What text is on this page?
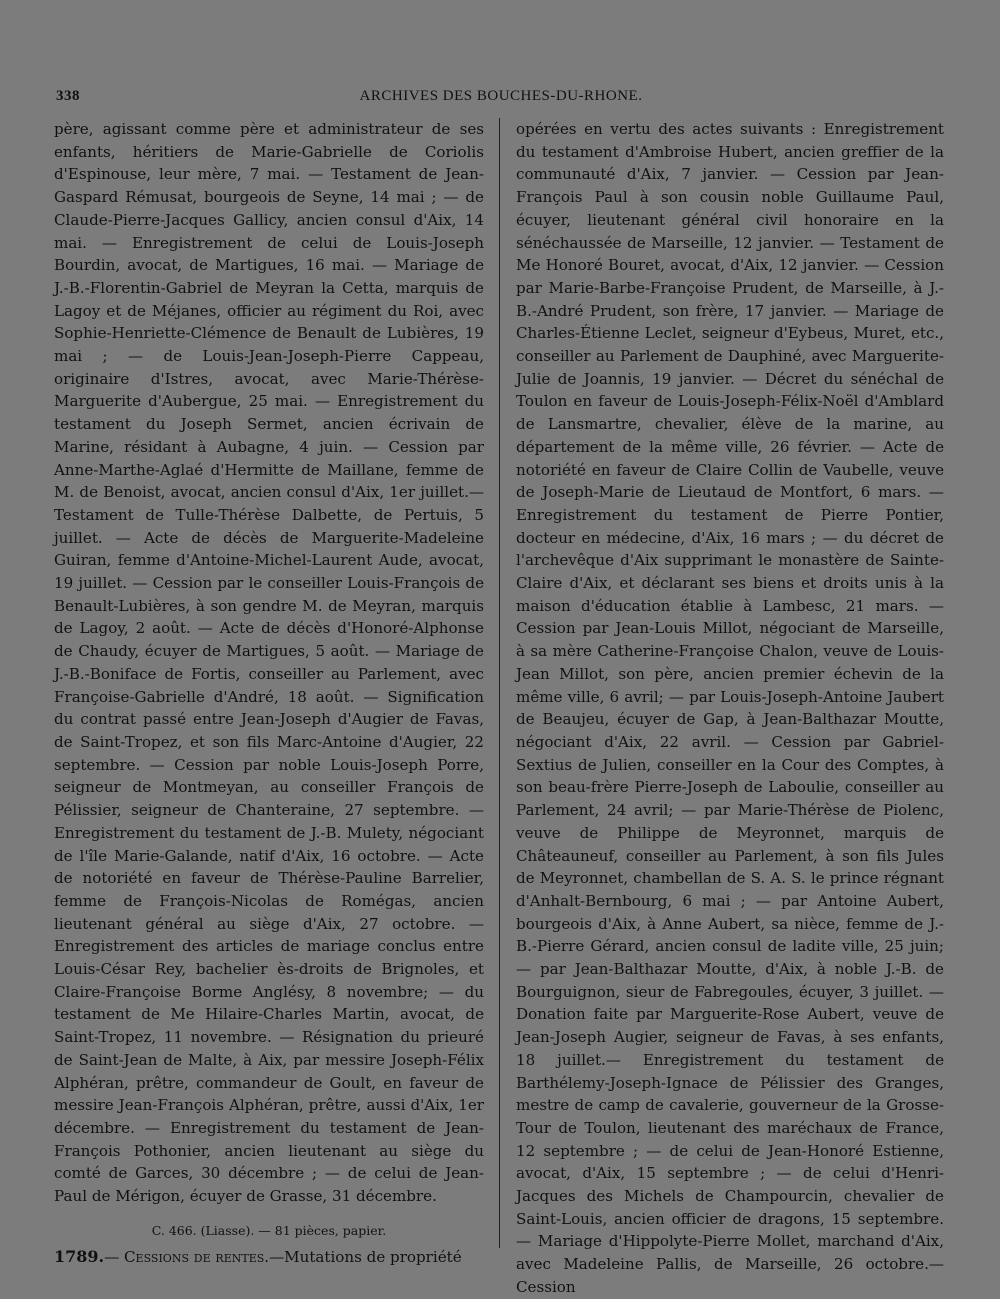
338	ARCHIVES DES BOUCHES-DU-RHONE.

père, agissant comme père et administrateur de ses enfants, héritiers de Marie-Gabrielle de Coriolis d'Espinouse, leur mère, 7 mai. — Testament de Jean-Gaspard Rémusat, bourgeois de Seyne, 14 mai ; — de Claude-Pierre-Jacques Gallicy, ancien consul d'Aix, 14 mai. — Enregistrement de celui de Louis-Joseph Bourdin, avocat, de Martigues, 16 mai. — Mariage de J.-B.-Florentin-Gabriel de Meyran la Cetta, marquis de Lagoy et de Méjanes, officier au régiment du Roi, avec Sophie-Henriette-Clémence de Benault de Lubières, 19 mai ; — de Louis-Jean-Joseph-Pierre Cappeau, originaire d'Istres, avocat, avec Marie-Thérèse-Marguerite d'Aubergue, 25 mai. — Enregistrement du testament du Joseph Sermet, ancien écrivain de Marine, résidant à Aubagne, 4 juin. — Cession par Anne-Marthe-Aglaé d'Hermitte de Maillane, femme de M. de Benoist, avocat, ancien consul d'Aix, 1er juillet.—Testament de Tulle-Thérèse Dalbette, de Pertuis, 5 juillet. — Acte de décès de Marguerite-Madeleine Guiran, femme d'Antoine-Michel-Laurent Aude, avocat, 19 juillet. — Cession par le conseiller Louis-François de Benault-Lubières, à son gendre M. de Meyran, marquis de Lagoy, 2 août. — Acte de décès d'Honoré-Alphonse de Chaudy, écuyer de Martigues, 5 août. — Mariage de J.-B.-Boniface de Fortis, conseiller au Parlement, avec Françoise-Gabrielle d'André, 18 août. — Signification du contrat passé entre Jean-Joseph d'Augier de Favas, de Saint-Tropez, et son fils Marc-Antoine d'Augier, 22 septembre. — Cession par noble Louis-Joseph Porre, seigneur de Montmeyan, au conseiller François de Pélissier, seigneur de Chanteraine, 27 septembre. — Enregistrement du testament de J.-B. Mulety, négociant de l'île Marie-Galande, natif d'Aix, 16 octobre. — Acte de notoriété en faveur de Thérèse-Pauline Barrelier, femme de François-Nicolas de Romégas, ancien lieutenant général au siège d'Aix, 27 octobre. — Enregistrement des articles de mariage conclus entre Louis-César Rey, bachelier ès-droits de Brignoles, et Claire-Françoise Borme Anglésy, 8 novembre; — du testament de Me Hilaire-Charles Martin, avocat, de Saint-Tropez, 11 novembre. — Résignation du prieuré de Saint-Jean de Malte, à Aix, par messire Joseph-Félix Alphéran, prêtre, commandeur de Goult, en faveur de messire Jean-François Alphéran, prêtre, aussi d'Aix, 1er décembre. — Enregistrement du testament de Jean-François Pothonier, ancien lieutenant au siège du comté de Garces, 30 décembre ; — de celui de Jean-Paul de Mérigon, écuyer de Grasse, 31 décembre.

C. 466. (Liasse). — 81 pièces, papier.
1789.— Cessions de rentes.—Mutations de propriété

opérées en vertu des actes suivants : Enregistrement du testament d'Ambroise Hubert, ancien greffier de la communauté d'Aix, 7 janvier. — Cession par Jean-François Paul à son cousin noble Guillaume Paul, écuyer, lieutenant général civil honoraire en la sénéchaussée de Marseille, 12 janvier. — Testament de Me Honoré Bouret, avocat, d'Aix, 12 janvier. — Cession par Marie-Barbe-Françoise Prudent, de Marseille, à J.-B.-André Prudent, son frère, 17 janvier. — Mariage de Charles-Étienne Leclet, seigneur d'Eybeus, Muret, etc., conseiller au Parlement de Dauphiné, avec Marguerite-Julie de Joannis, 19 janvier. — Décret du sénéchal de Toulon en faveur de Louis-Joseph-Félix-Noël d'Amblard de Lansmartre, chevalier, élève de la marine, au département de la même ville, 26 février. — Acte de notoriété en faveur de Claire Collin de Vaubelle, veuve de Joseph-Marie de Lieutaud de Montfort, 6 mars. — Enregistrement du testament de Pierre Pontier, docteur en médecine, d'Aix, 16 mars ; — du décret de l'archevêque d'Aix supprimant le monastère de Sainte-Claire d'Aix, et déclarant ses biens et droits unis à la maison d'éducation établie à Lambesc, 21 mars. — Cession par Jean-Louis Millot, négociant de Marseille, à sa mère Catherine-Françoise Chalon, veuve de Louis-Jean Millot, son père, ancien premier échevin de la même ville, 6 avril; — par Louis-Joseph-Antoine Jaubert de Beaujeu, écuyer de Gap, à Jean-Balthazar Moutte, négociant d'Aix, 22 avril. — Cession par Gabriel-Sextius de Julien, conseiller en la Cour des Comptes, à son beau-frère Pierre-Joseph de Laboulie, conseiller au Parlement, 24 avril; — par Marie-Thérèse de Piolenc, veuve de Philippe de Meyronnet, marquis de Châteauneuf, conseiller au Parlement, à son fils Jules de Meyronnet, chambellan de S. A. S. le prince régnant d'Anhalt-Bernbourg, 6 mai ; — par Antoine Aubert, bourgeois d'Aix, à Anne Aubert, sa nièce, femme de J.-B.-Pierre Gérard, ancien consul de ladite ville, 25 juin; — par Jean-Balthazar Moutte, d'Aix, à noble J.-B. de Bourguignon, sieur de Fabregoules, écuyer, 3 juillet. — Donation faite par Marguerite-Rose Aubert, veuve de Jean-Joseph Augier, seigneur de Favas, à ses enfants, 18 juillet.— Enregistrement du testament de Barthélemy-Joseph-Ignace de Pélissier des Granges, mestre de camp de cavalerie, gouverneur de la Grosse-Tour de Toulon, lieutenant des maréchaux de France, 12 septembre ; — de celui de Jean-Honoré Estienne, avocat, d'Aix, 15 septembre ; — de celui d'Henri-Jacques des Michels de Champourcin, chevalier de Saint-Louis, ancien officier de dragons, 15 septembre. — Mariage d'Hippolyte-Pierre Mollet, marchand d'Aix, avec Madeleine Pallis, de Marseille, 26 octobre.— Cession
